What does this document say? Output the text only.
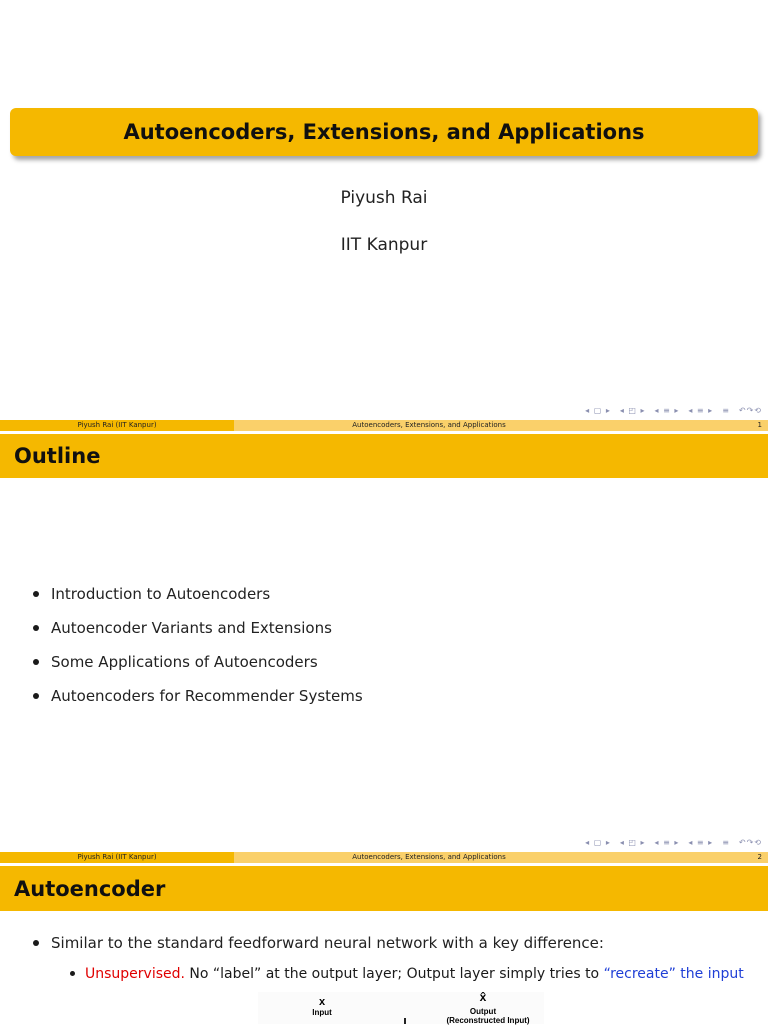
Autoencoders, Extensions, and Applications
Piyush Rai
IIT Kanpur
◂ ▢ ▸ ◂ ◰ ▸ ◂ ≡ ▸ ◂ ≡ ▸ ≡ ↶↷⟲
Piyush Rai (IIT Kanpur)	Autoencoders, Extensions, and Applications	1
Outline
Introduction to Autoencoders
Autoencoder Variants and Extensions
Some Applications of Autoencoders
Autoencoders for Recommender Systems
◂ ▢ ▸ ◂ ◰ ▸ ◂ ≡ ▸ ◂ ≡ ▸ ≡ ↶↷⟲
Piyush Rai (IIT Kanpur)	Autoencoders, Extensions, and Applications	2
Autoencoder
Similar to the standard feedforward neural network with a key difference:
Unsupervised. No “label” at the output layer; Output layer simply tries to “recreate” the input
x
Input
x̂
Output
(Reconstructed Input)
